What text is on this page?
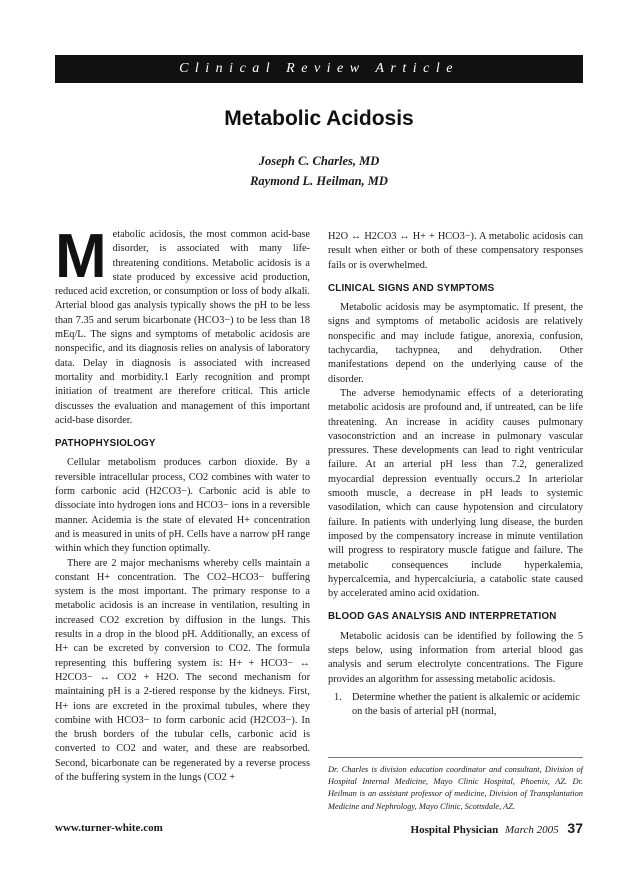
Clinical Review Article
Metabolic Acidosis
Joseph C. Charles, MD
Raymond L. Heilman, MD

Metabolic acidosis, the most common acid-base disorder, is associated with many life-threatening conditions. Metabolic acidosis is a state produced by excessive acid production, reduced acid excretion, or consumption or loss of body alkali. Arterial blood gas analysis typically shows the pH to be less than 7.35 and serum bicarbonate (HCO3−) to be less than 18 mEq/L. The signs and symptoms of metabolic acidosis are nonspecific, and its diagnosis relies on analysis of laboratory data. Delay in diagnosis is associated with increased mortality and morbidity.1 Early recognition and prompt initiation of treatment are therefore critical. This article discusses the evaluation and management of this important acid-base disorder.

PATHOPHYSIOLOGY

Cellular metabolism produces carbon dioxide. By a reversible intracellular process, CO2 combines with water to form carbonic acid (H2CO3−). Carbonic acid is able to dissociate into hydrogen ions and HCO3− ions in a reversible manner. Acidemia is the state of elevated H+ concentration and is measured in units of pH. Cells have a narrow pH range within which they function optimally.

There are 2 major mechanisms whereby cells maintain a constant H+ concentration. The CO2–HCO3− buffering system is the most important. The primary response to a metabolic acidosis is an increase in ventilation, resulting in increased CO2 excretion by diffusion in the lungs. This results in a drop in the blood pH. Additionally, an excess of H+ can be excreted by conversion to CO2. The formula representing this buffering system is: H+ + HCO3− ↔ H2CO3− ↔ CO2 + H2O. The second mechanism for maintaining pH is a 2-tiered response by the kidneys. First, H+ ions are excreted in the proximal tubules, where they combine with HCO3− to form carbonic acid (H2CO3−). In the brush borders of the tubular cells, carbonic acid is converted to CO2 and water, and these are reabsorbed. Second, bicarbonate can be regenerated by a reverse process of the buffering system in the lungs (CO2 +

H2O ↔ H2CO3 ↔ H+ + HCO3−). A metabolic acidosis can result when either or both of these compensatory responses fails or is overwhelmed.

CLINICAL SIGNS AND SYMPTOMS

Metabolic acidosis may be asymptomatic. If present, the signs and symptoms of metabolic acidosis are relatively nonspecific and may include fatigue, anorexia, confusion, tachycardia, tachypnea, and dehydration. Other manifestations depend on the underlying cause of the disorder.

The adverse hemodynamic effects of a deteriorating metabolic acidosis are profound and, if untreated, can be life threatening. An increase in acidity causes pulmonary vasoconstriction and an increase in pulmonary vascular pressures. These developments can lead to right ventricular failure. At an arterial pH less than 7.2, generalized myocardial depression eventually occurs.2 In arteriolar smooth muscle, a decrease in pH leads to systemic vasodilation, which can cause hypotension and circulatory failure. In patients with underlying lung disease, the burden imposed by the compensatory increase in minute ventilation will progress to respiratory muscle fatigue and failure. The metabolic consequences include hyperkalemia, hypercalcemia, and hypercalciuria, a catabolic state caused by accelerated amino acid oxidation.

BLOOD GAS ANALYSIS AND INTERPRETATION

Metabolic acidosis can be identified by following the 5 steps below, using information from arterial blood gas analysis and serum electrolyte concentrations. The Figure provides an algorithm for assessing metabolic acidosis.

1. Determine whether the patient is alkalemic or acidemic on the basis of arterial pH (normal,

Dr. Charles is division education coordinator and consultant, Division of Hospital Internal Medicine, Mayo Clinic Hospital, Phoenix, AZ. Dr. Heilman is an assistant professor of medicine, Division of Transplantation Medicine and Nephrology, Mayo Clinic, Scottsdale, AZ.
www.turner-white.com	Hospital Physician March 2005 37
